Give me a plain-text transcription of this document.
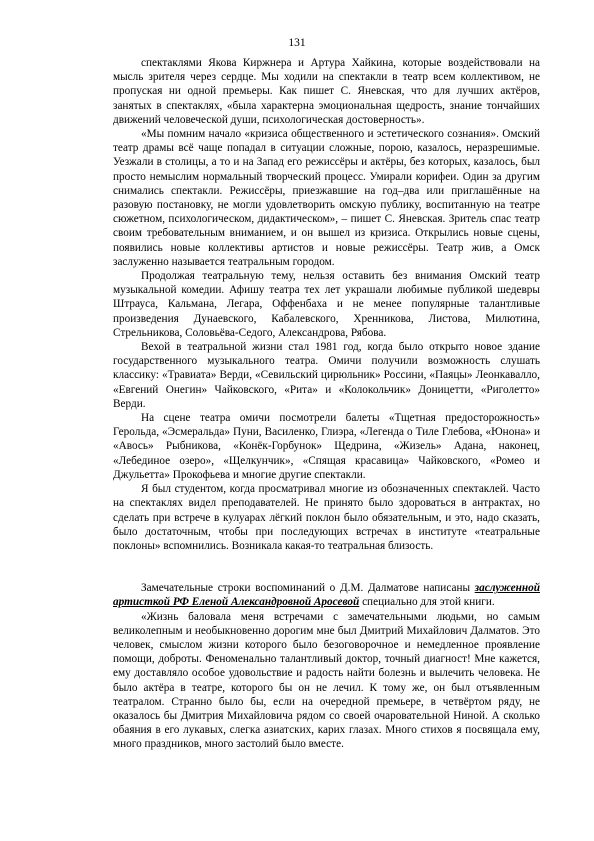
131

спектаклями Якова Киржнера и Артура Хайкина, которые воздействовали на мысль зрителя через сердце. Мы ходили на спектакли в театр всем коллективом, не пропуская ни одной премьеры. Как пишет С. Яневская, что для лучших актёров, занятых в спектаклях, «была характерна эмоциональная щедрость, знание тончайших движений человеческой души, психологическая достоверность».

«Мы помним начало «кризиса общественного и эстетического сознания». Омский театр драмы всё чаще попадал в ситуации сложные, порою, казалось, неразрешимые. Уезжали в столицы, а то и на Запад его режиссёры и актёры, без которых, казалось, был просто немыслим нормальный творческий процесс. Умирали корифеи. Один за другим снимались спектакли. Режиссёры, приезжавшие на год–два или приглашённые на разовую постановку, не могли удовлетворить омскую публику, воспитанную на театре сюжетном, психологическом, дидактическом», – пишет С. Яневская. Зритель спас театр своим требовательным вниманием, и он вышел из кризиса. Открылись новые сцены, появились новые коллективы артистов и новые режиссёры. Театр жив, а Омск заслуженно называется театральным городом.

Продолжая театральную тему, нельзя оставить без внимания Омский театр музыкальной комедии. Афишу театра тех лет украшали любимые публикой шедевры Штрауса, Кальмана, Легара, Оффенбаха и не менее популярные талантливые произведения Дунаевского, Кабалевского, Хренникова, Листова, Милютина, Стрельникова, Соловьёва-Седого, Александрова, Рябова.

Вехой в театральной жизни стал 1981 год, когда было открыто новое здание государственного музыкального театра. Омичи получили возможность слушать классику: «Травиата» Верди, «Севильский цирюльник» Россини, «Паяцы» Леонкавалло, «Евгений Онегин» Чайковского, «Рита» и «Колокольчик» Доницетти, «Риголетто» Верди.

На сцене театра омичи посмотрели балеты «Тщетная предосторожность» Герольда, «Эсмеральда» Пуни, Василенко, Глиэра, «Легенда о Тиле Глебова, «Юнона» и «Авось» Рыбникова, «Конёк-Горбунок» Щедрина, «Жизель» Адана, наконец, «Лебединое озеро», «Щелкунчик», «Спящая красавица» Чайковского, «Ромео и Джульетта» Прокофьева и многие другие спектакли.

Я был студентом, когда просматривал многие из обозначенных спектаклей. Часто на спектаклях видел преподавателей. Не принято было здороваться в антрактах, но сделать при встрече в кулуарах лёгкий поклон было обязательным, и это, надо сказать, было достаточным, чтобы при последующих встречах в институте «театральные поклоны» вспомнились. Возникала какая-то театральная близость.

Замечательные строки воспоминаний о Д.М. Далматове написаны заслуженной артисткой РФ Еленой Александровной Аросевой специально для этой книги.

«Жизнь баловала меня встречами с замечательными людьми, но самым великолепным и необыкновенно дорогим мне был Дмитрий Михайлович Далматов. Это человек, смыслом жизни которого было безоговорочное и немедленное проявление помощи, доброты. Феноменально талантливый доктор, точный диагност! Мне кажется, ему доставляло особое удовольствие и радость найти болезнь и вылечить человека. Не было актёра в театре, которого бы он не лечил. К тому же, он был отъявленным театралом. Странно было бы, если на очередной премьере, в четвёртом ряду, не оказалось бы Дмитрия Михайловича рядом со своей очаровательной Ниной. А сколько обаяния в его лукавых, слегка азиатских, карих глазах. Много стихов я посвящала ему, много праздников, много застолий было вместе.
